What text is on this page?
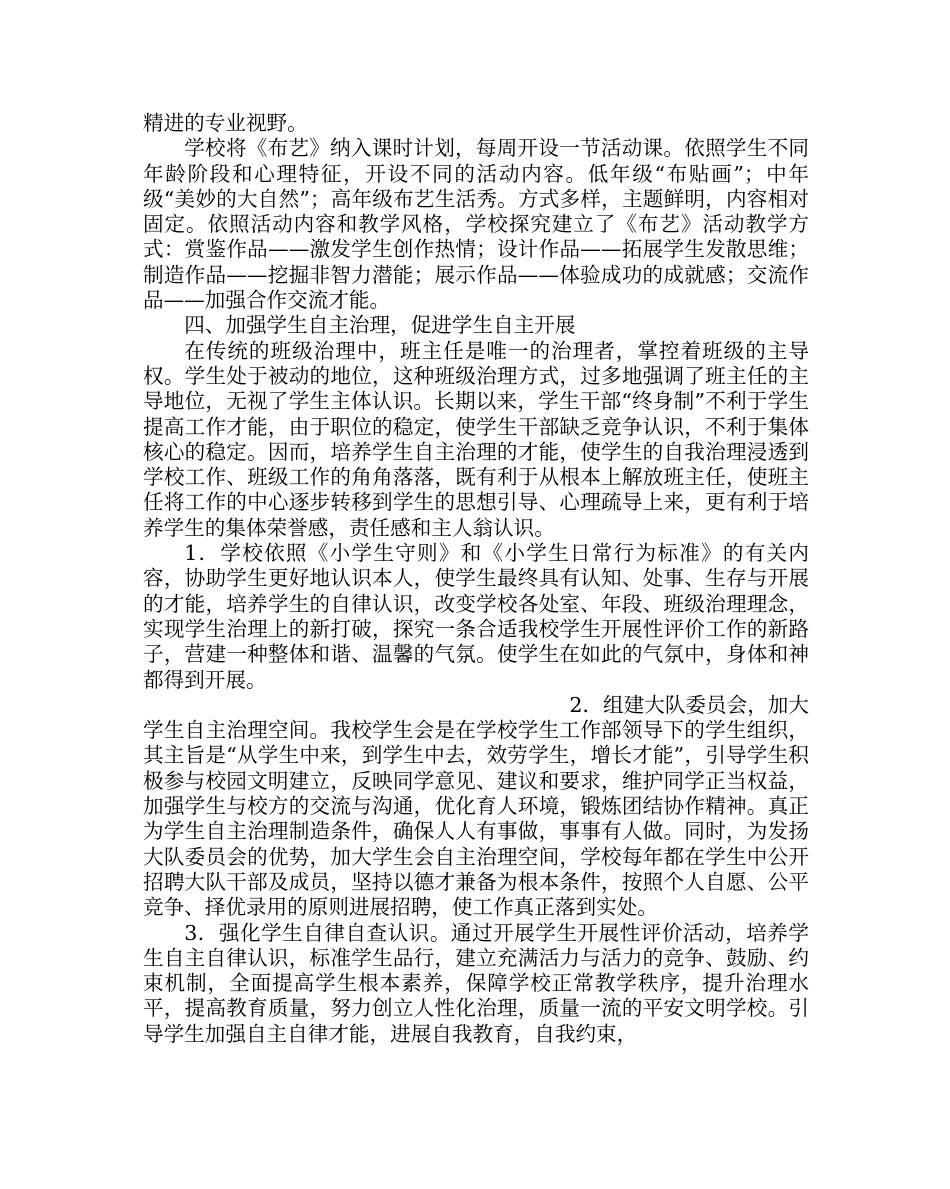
精进的专业视野。

学校将《布艺》纳入课时计划，每周开设一节活动课。依照学生不同年龄阶段和心理特征，开设不同的活动内容。低年级“布贴画”；中年级“美妙的大自然”；高年级布艺生活秀。方式多样，主题鲜明，内容相对固定。依照活动内容和教学风格，学校探究建立了《布艺》活动教学方式：赏鉴作品——激发学生创作热情；设计作品——拓展学生发散思维；制造作品——挖掘非智力潜能；展示作品——体验成功的成就感；交流作品——加强合作交流才能。

四、加强学生自主治理，促进学生自主开展

在传统的班级治理中，班主任是唯一的治理者，掌控着班级的主导权。学生处于被动的地位，这种班级治理方式，过多地强调了班主任的主导地位，无视了学生主体认识。长期以来，学生干部“终身制”不利于学生提高工作才能，由于职位的稳定，使学生干部缺乏竞争认识，不利于集体核心的稳定。因而，培养学生自主治理的才能，使学生的自我治理浸透到学校工作、班级工作的角角落落，既有利于从根本上解放班主任，使班主任将工作的中心逐步转移到学生的思想引导、心理疏导上来，更有利于培养学生的集体荣誉感，责任感和主人翁认识。

1．学校依照《小学生守则》和《小学生日常行为标准》的有关内容，协助学生更好地认识本人，使学生最终具有认知、处事、生存与开展的才能，培养学生的自律认识，改变学校各处室、年段、班级治理理念，实现学生治理上的新打破，探究一条合适我校学生开展性评价工作的新路子，营建一种整体和谐、温馨的气氛。使学生在如此的气氛中，身体和神都得到开展。

2．组建大队委员会，加大

学生自主治理空间。我校学生会是在学校学生工作部领导下的学生组织，其主旨是“从学生中来，到学生中去，效劳学生，增长才能”，引导学生积极参与校园文明建立，反映同学意见、建议和要求，维护同学正当权益，加强学生与校方的交流与沟通，优化育人环境，锻炼团结协作精神。真正为学生自主治理制造条件，确保人人有事做，事事有人做。同时，为发扬大队委员会的优势，加大学生会自主治理空间，学校每年都在学生中公开招聘大队干部及成员，坚持以德才兼备为根本条件，按照个人自愿、公平竞争、择优录用的原则进展招聘，使工作真正落到实处。

3．强化学生自律自查认识。通过开展学生开展性评价活动，培养学生自主自律认识，标准学生品行，建立充满活力与活力的竞争、鼓励、约束机制，全面提高学生根本素养，保障学校正常教学秩序，提升治理水平，提高教育质量，努力创立人性化治理，质量一流的平安文明学校。引导学生加强自主自律才能，进展自我教育，自我约束，
